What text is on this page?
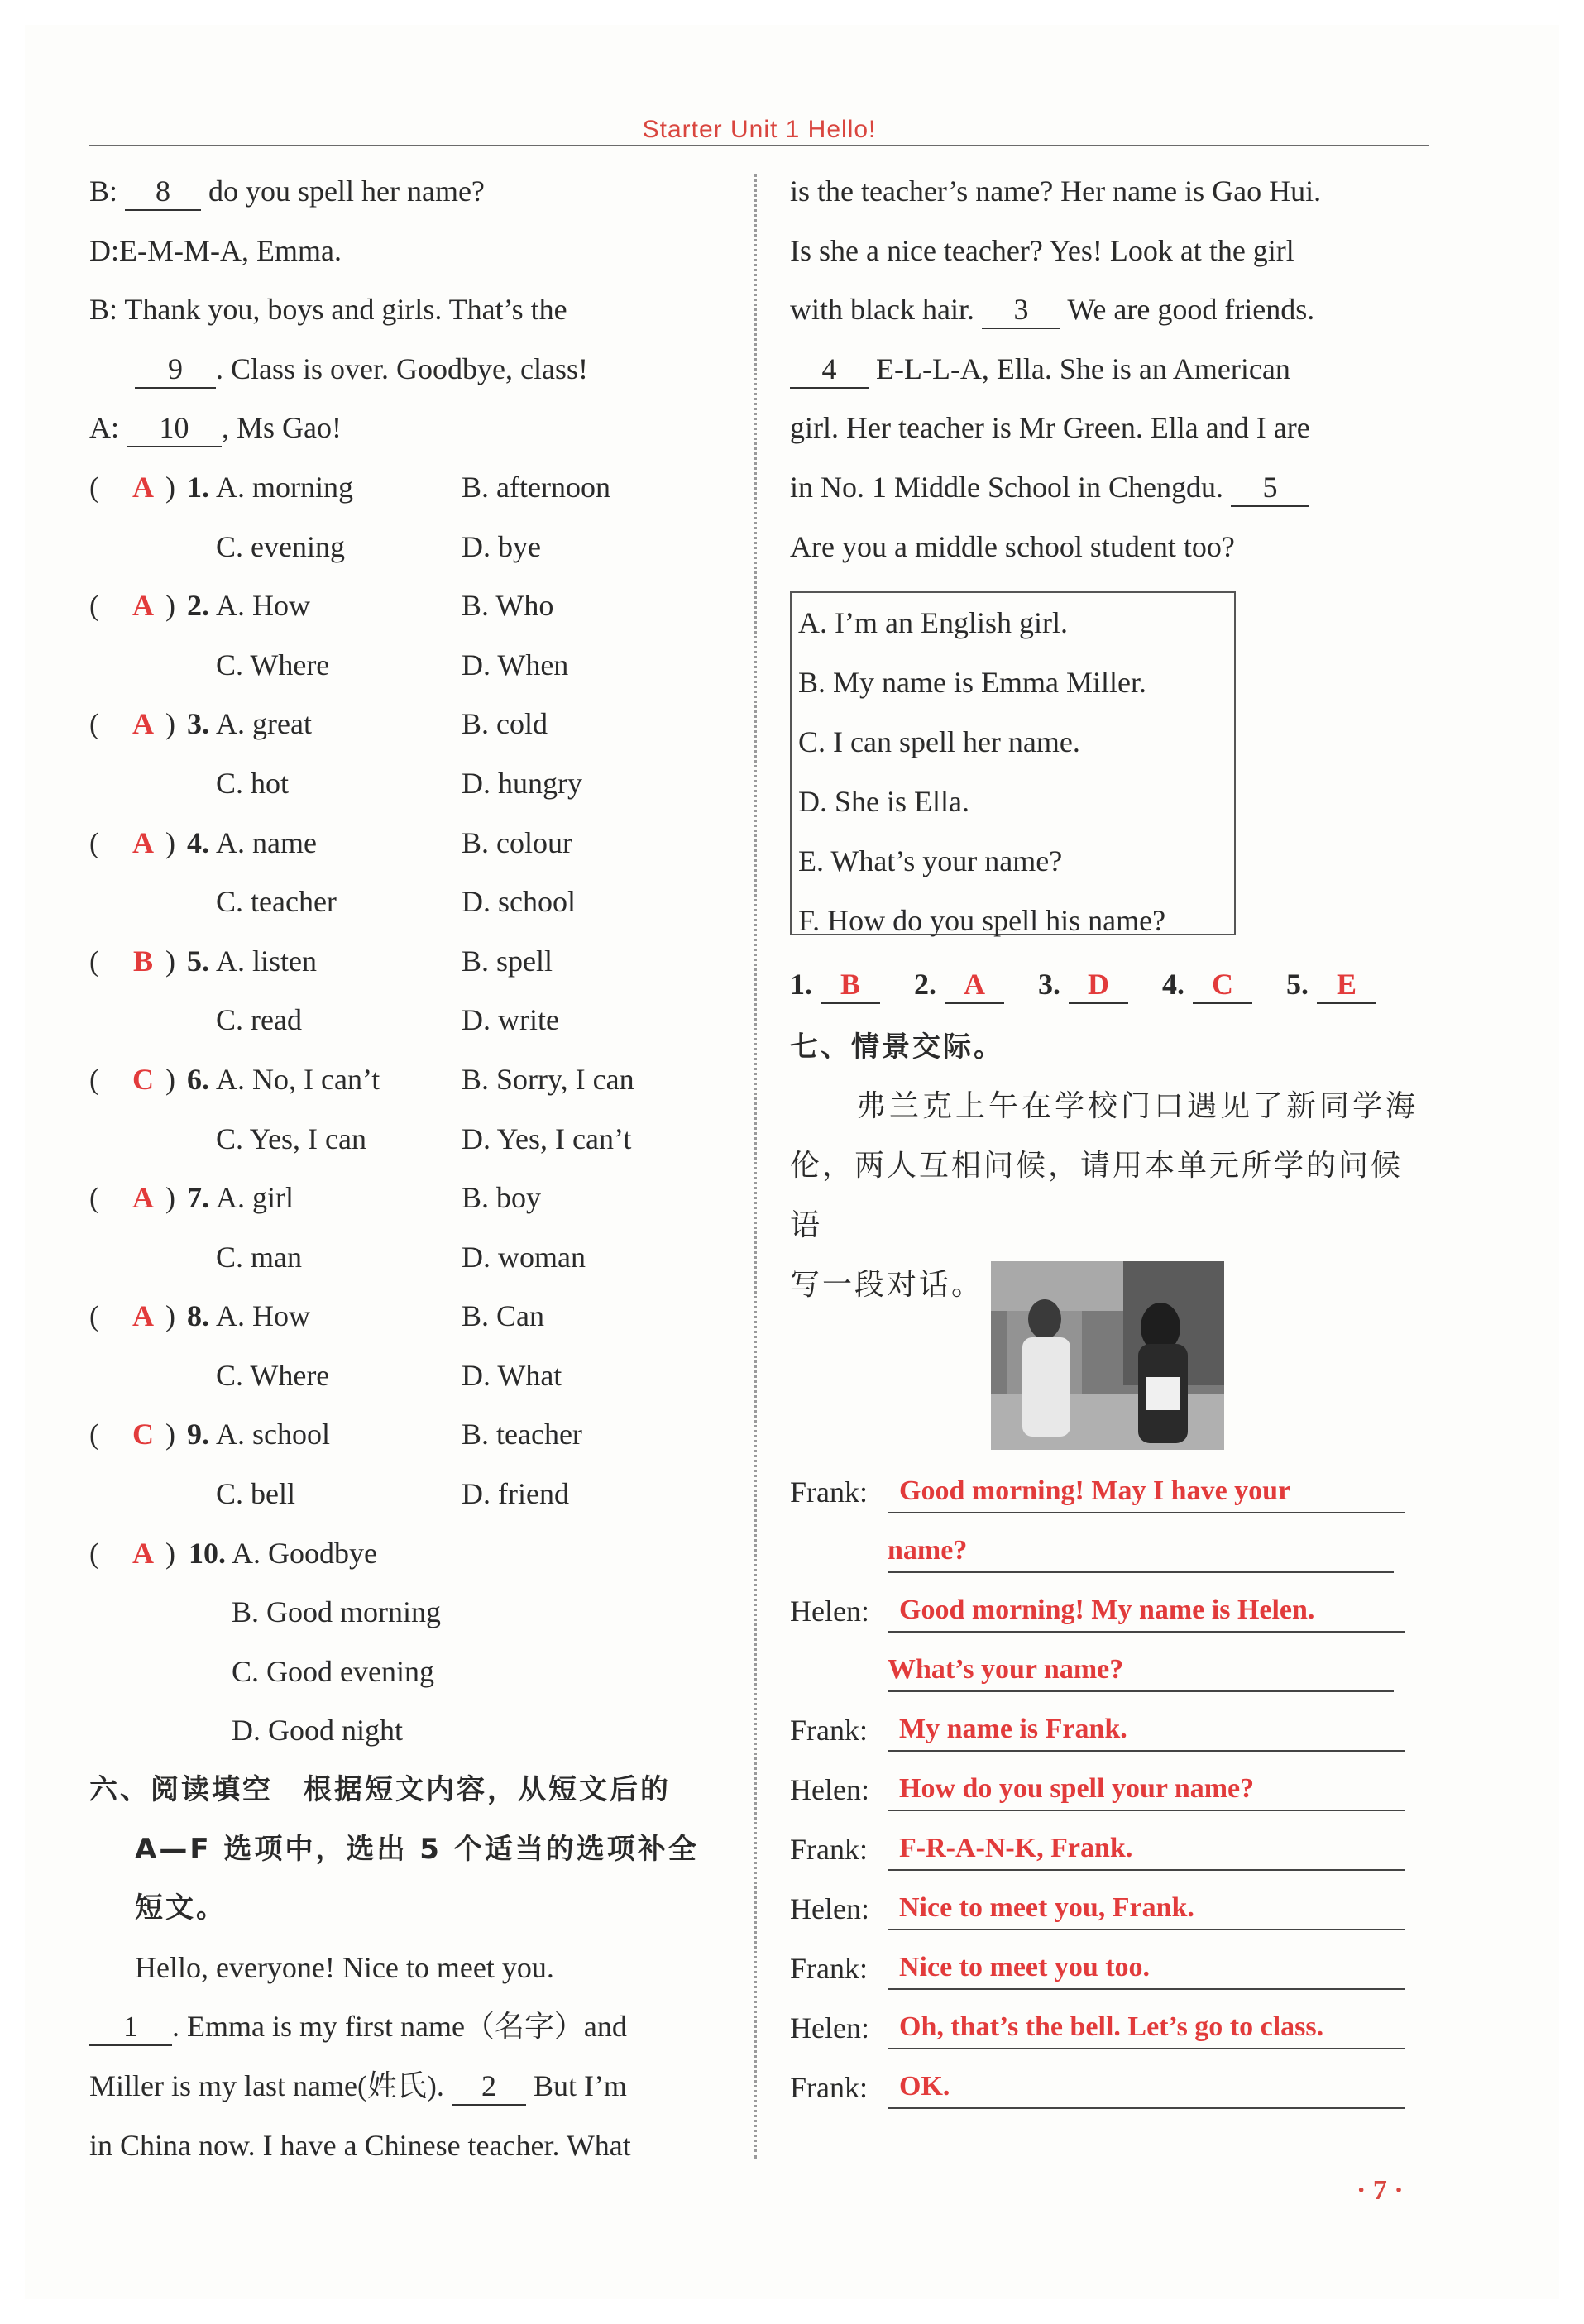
Starter Unit 1 Hello!
B: 8 do you spell her name?
D:E-M-M-A, Emma.
B: Thank you, boys and girls. That’s the
9 . Class is over. Goodbye, class!
A: 10 , Ms Gao!
( A ) 1. A. morning	B. afternoon
C. evening	D. bye
( A ) 2. A. How	B. Who
C. Where	D. When
( A ) 3. A. great	B. cold
C. hot	D. hungry
( A ) 4. A. name	B. colour
C. teacher	D. school
( B ) 5. A. listen	B. spell
C. read	D. write
( C ) 6. A. No, I can’t	B. Sorry, I can
C. Yes, I can	D. Yes, I can’t
( A ) 7. A. girl	B. boy
C. man	D. woman
( A ) 8. A. How	B. Can
C. Where	D. What
( C ) 9. A. school	B. teacher
C. bell	D. friend
( A ) 10. A. Goodbye
B. Good morning
C. Good evening
D. Good night
六、阅读填空　根据短文内容，从短文后的
A—F 选项中，选出 5 个适当的选项补全
短文。
Hello, everyone! Nice to meet you.
1 . Emma is my first name（名字）and
Miller is my last name(姓氏). 2 But I’m
in China now. I have a Chinese teacher. What
is the teacher’s name? Her name is Gao Hui.
Is she a nice teacher? Yes! Look at the girl
with black hair. 3 We are good friends.
4 E-L-L-A, Ella. She is an American
girl. Her teacher is Mr Green. Ella and I are
in No. 1 Middle School in Chengdu. 5
Are you a middle school student too?
A. I’m an English girl.
B. My name is Emma Miller.
C. I can spell her name.
D. She is Ella.
E. What’s your name?
F. How do you spell his name?
1. B	2. A	3. D	4. C	5. E
七、情景交际。
弗兰克上午在学校门口遇见了新同学海
伦，两人互相问候，请用本单元所学的问候语
写一段对话。
Frank:	Good morning! May I have your
name?
Helen:	Good morning! My name is Helen.
What’s your name?
Frank:	My name is Frank.
Helen:	How do you spell your name?
Frank:	F-R-A-N-K, Frank.
Helen:	Nice to meet you, Frank.
Frank:	Nice to meet you too.
Helen:	Oh, that’s the bell. Let’s go to class.
Frank:	OK.
· 7 ·
